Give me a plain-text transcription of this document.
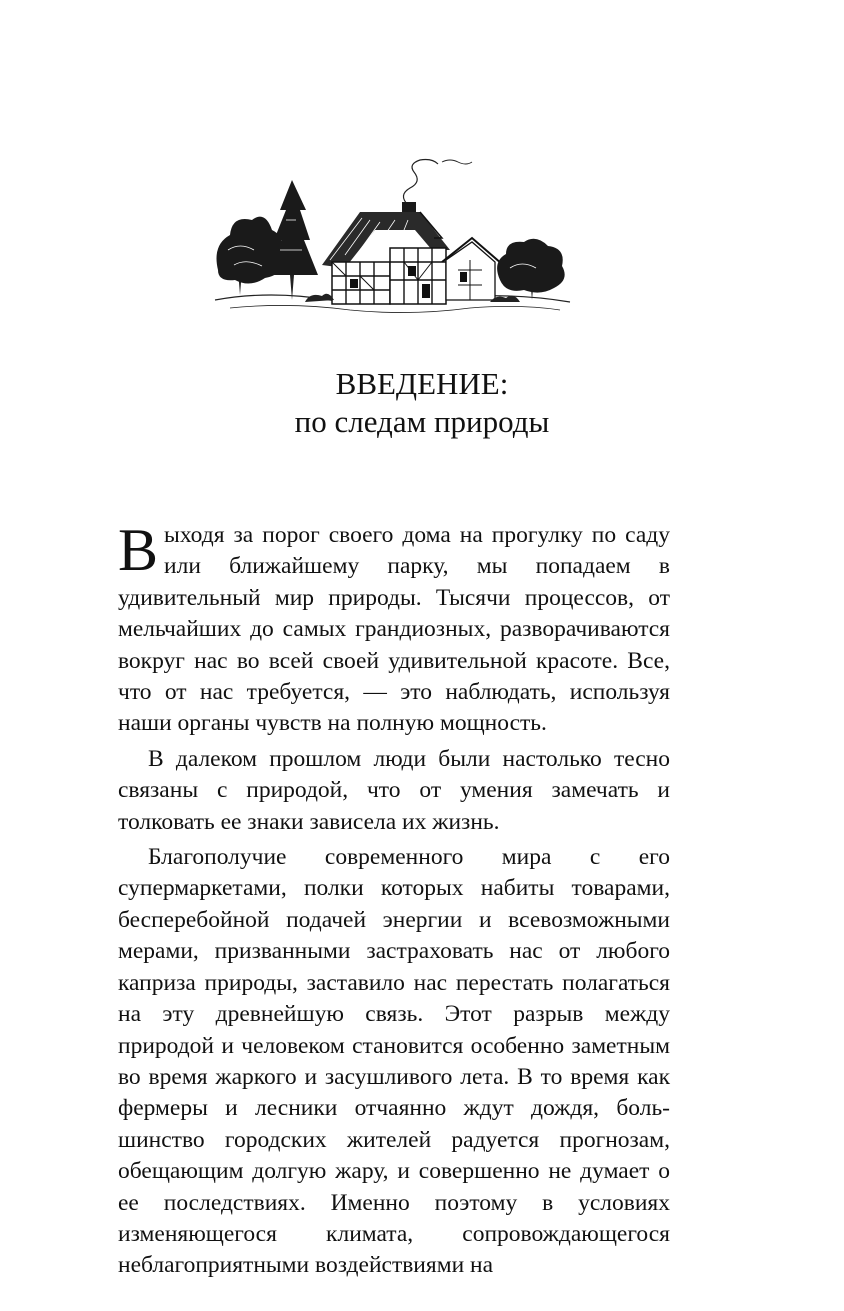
ВВЕДЕНИЕ:
по следам природы

Выходя за порог своего дома на прогулку по саду или ближайшему парку, мы попадаем в удивительный мир природы. Тысячи процессов, от мельчайших до самых грандиозных, разворачиваются вокруг нас во всей своей удивительной красоте. Все, что от нас требуется, — это наблюдать, используя наши органы чувств на полную мощность.

В далеком прошлом люди были настолько тесно связаны с природой, что от умения замечать и толковать ее знаки зависела их жизнь.

Благополучие современного мира с его супермаркетами, полки которых набиты товарами, бесперебойной подачей энергии и всевозможными мерами, призванными застраховать нас от любого каприза природы, заставило нас перестать полагаться на эту древнейшую связь. Этот разрыв между природой и человеком становится особенно заметным во время жаркого и засушливого лета. В то время как фермеры и лесники отчаянно ждут дождя, большинство городских жителей радуется прогнозам, обещающим долгую жару, и совершенно не думает о ее последствиях. Именно поэтому в условиях изменяющегося климата, сопровождающегося неблагоприятными воздействиями на
